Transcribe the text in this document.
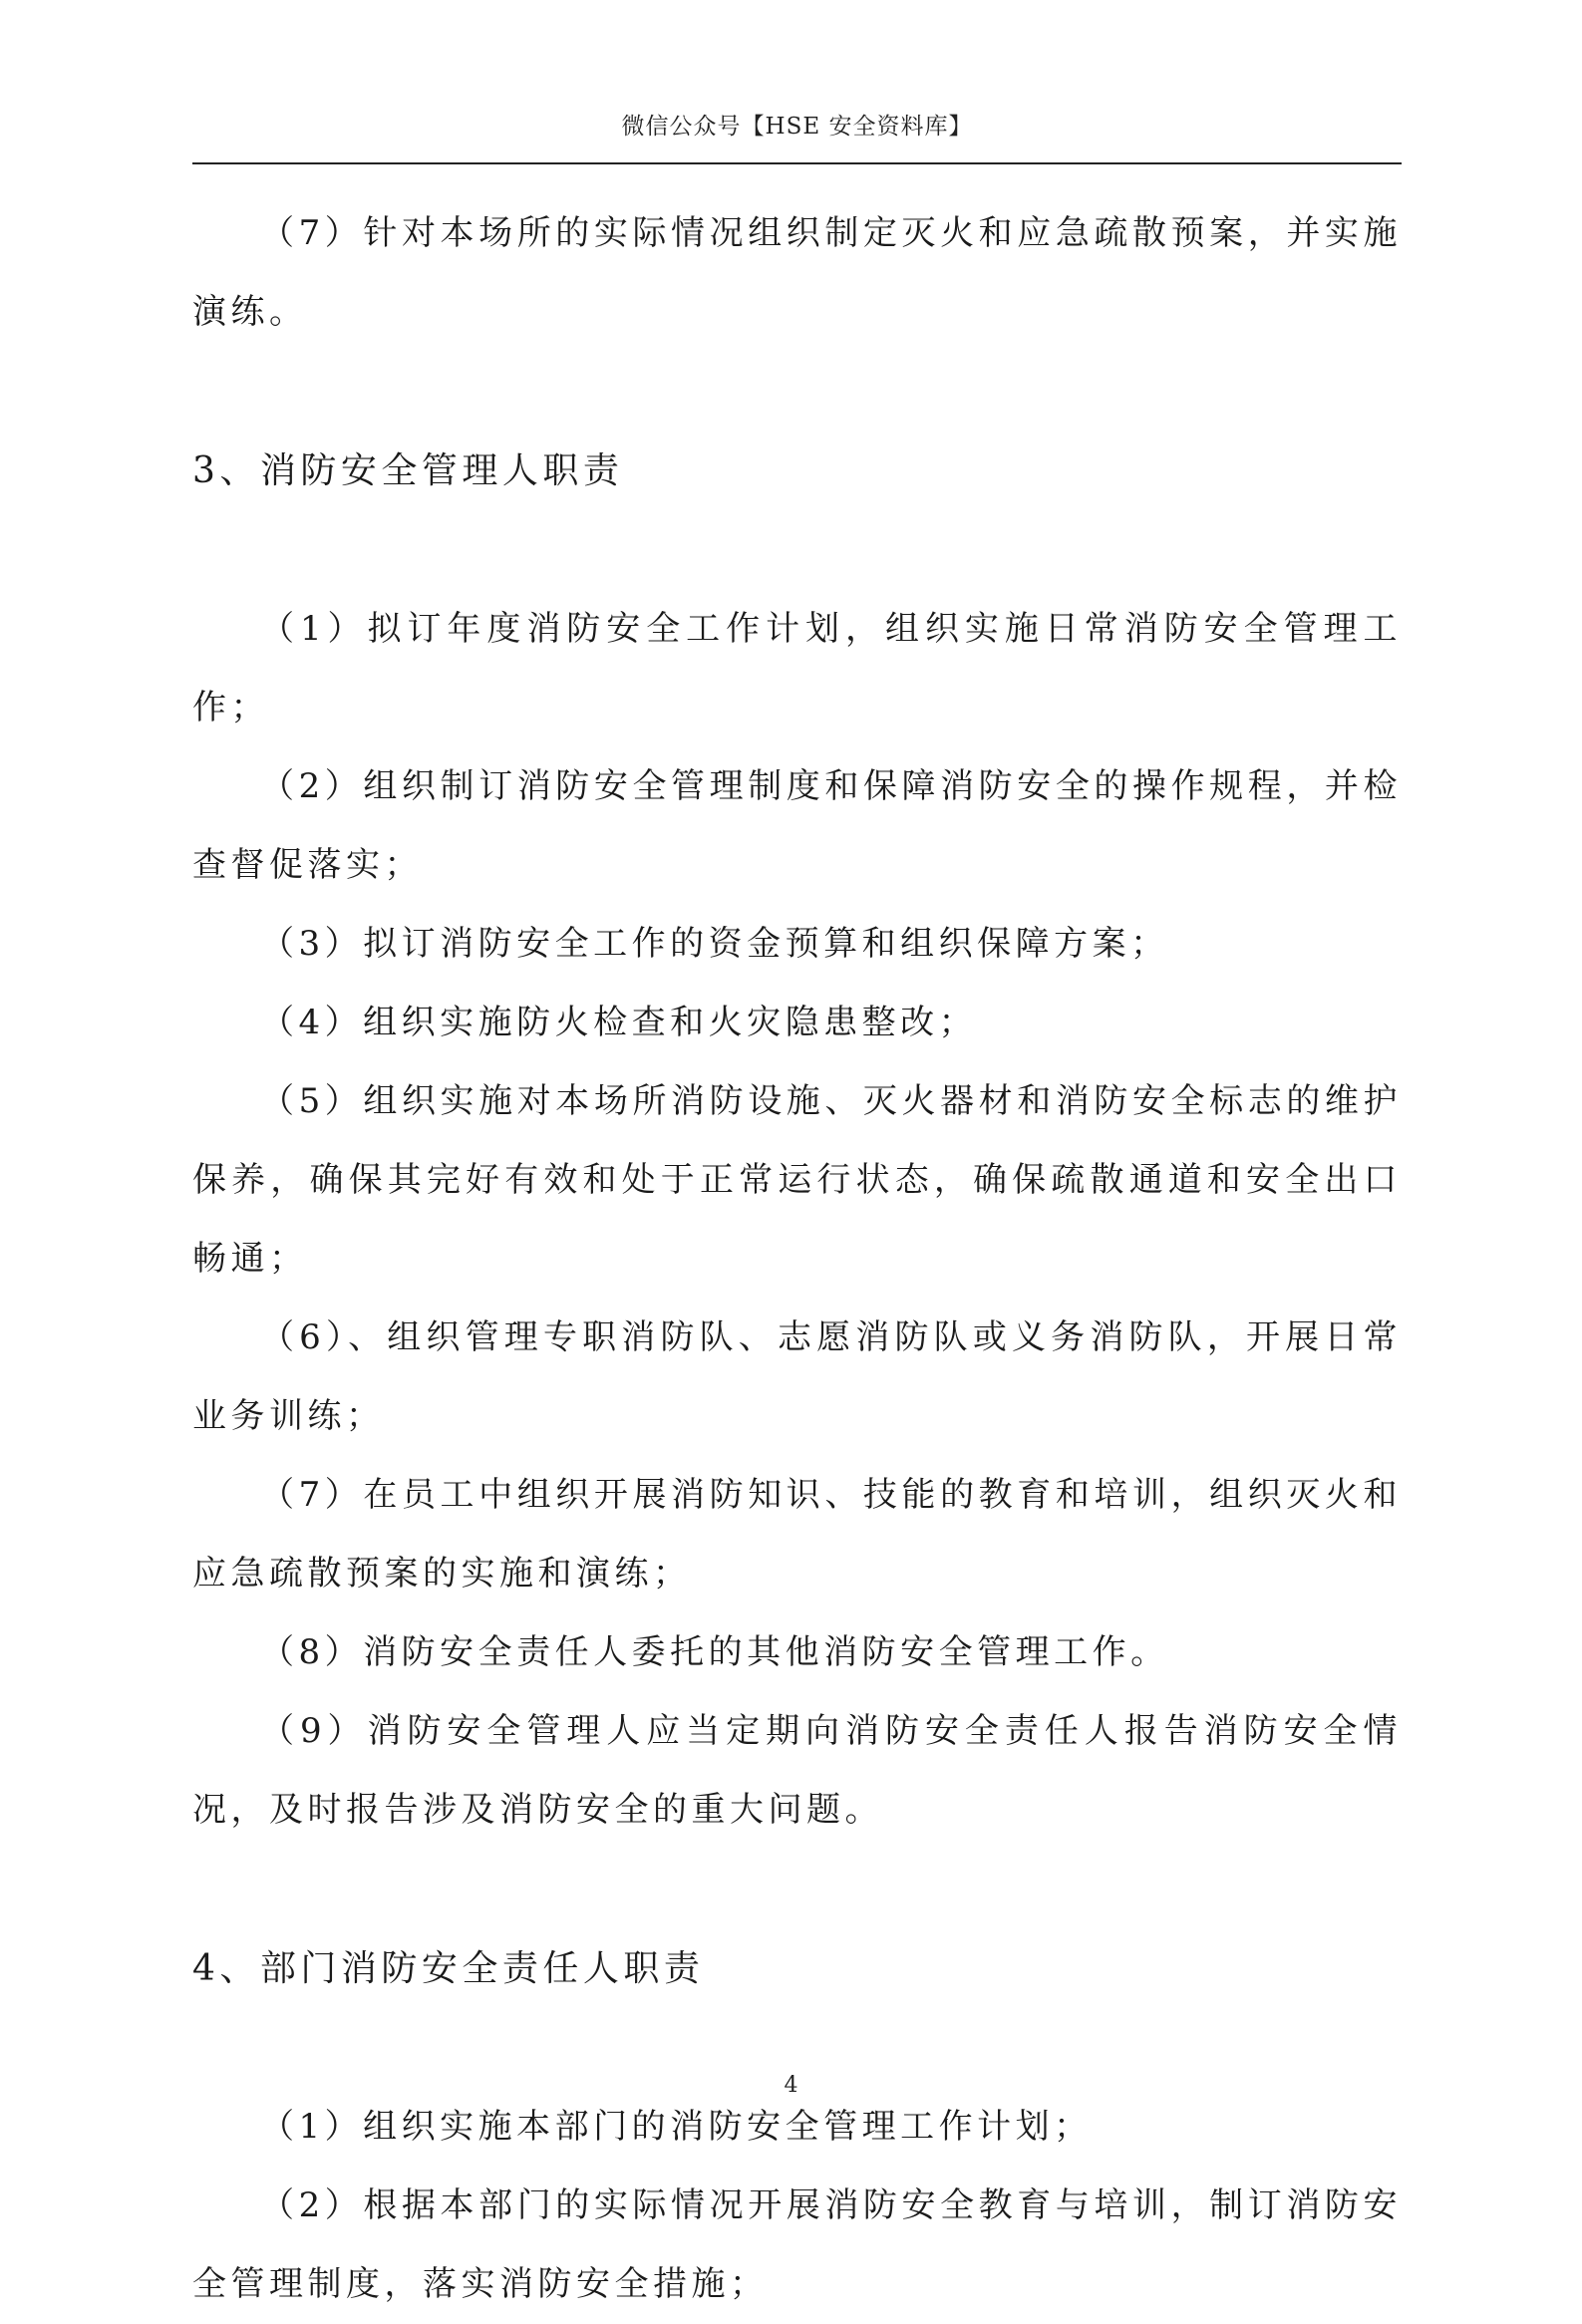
微信公众号【HSE 安全资料库】

（7）针对本场所的实际情况组织制定灭火和应急疏散预案，并实施演练。

3、消防安全管理人职责

（1）拟订年度消防安全工作计划，组织实施日常消防安全管理工作；

（2）组织制订消防安全管理制度和保障消防安全的操作规程，并检查督促落实；

（3）拟订消防安全工作的资金预算和组织保障方案；

（4）组织实施防火检查和火灾隐患整改；

（5）组织实施对本场所消防设施、灭火器材和消防安全标志的维护保养，确保其完好有效和处于正常运行状态，确保疏散通道和安全出口畅通；

（6）、组织管理专职消防队、志愿消防队或义务消防队，开展日常业务训练；

（7）在员工中组织开展消防知识、技能的教育和培训，组织灭火和应急疏散预案的实施和演练；

（8）消防安全责任人委托的其他消防安全管理工作。

（9）消防安全管理人应当定期向消防安全责任人报告消防安全情况，及时报告涉及消防安全的重大问题。

4、部门消防安全责任人职责

（1）组织实施本部门的消防安全管理工作计划；

（2）根据本部门的实际情况开展消防安全教育与培训，制订消防安全管理制度，落实消防安全措施；

4
